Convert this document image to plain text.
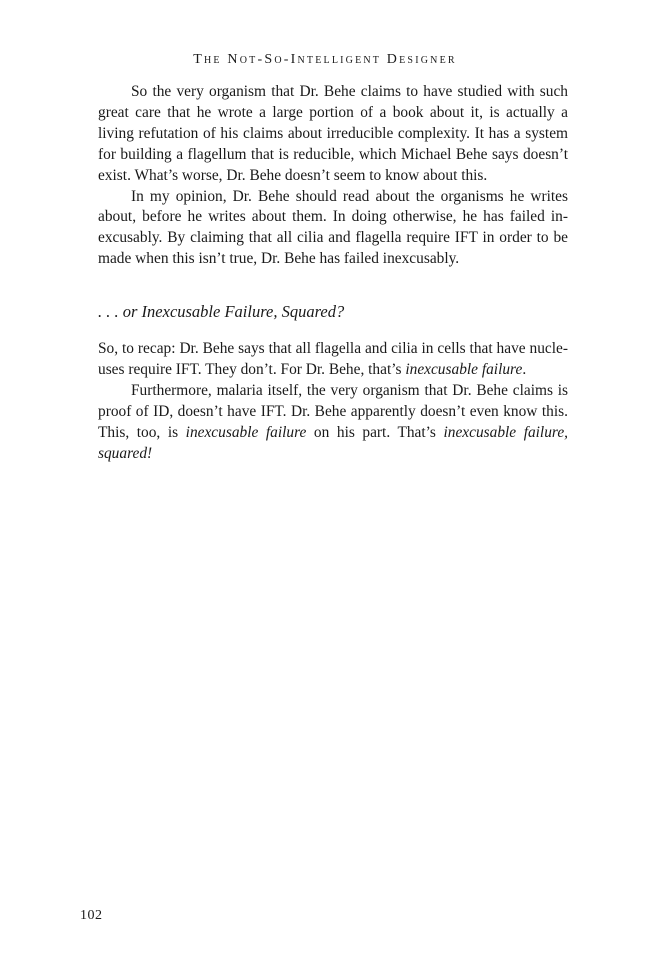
The Not-So-Intelligent Designer

So the very organism that Dr. Behe claims to have studied with such great care that he wrote a large portion of a book about it, is actually a living refutation of his claims about irreducible complexity. It has a system for building a flagellum that is reducible, which Michael Behe says doesn’t exist. What’s worse, Dr. Behe doesn’t seem to know about this.

In my opinion, Dr. Behe should read about the organisms he writes about, before he writes about them. In doing otherwise, he has failed inexcusably. By claiming that all cilia and flagella require IFT in order to be made when this isn’t true, Dr. Behe has failed inexcusably.

. . . or Inexcusable Failure, Squared?

So, to recap: Dr. Behe says that all flagella and cilia in cells that have nucleuses require IFT. They don’t. For Dr. Behe, that’s inexcusable failure.

Furthermore, malaria itself, the very organism that Dr. Behe claims is proof of ID, doesn’t have IFT. Dr. Behe apparently doesn’t even know this. This, too, is inexcusable failure on his part. That’s inexcusable failure, squared!

102
